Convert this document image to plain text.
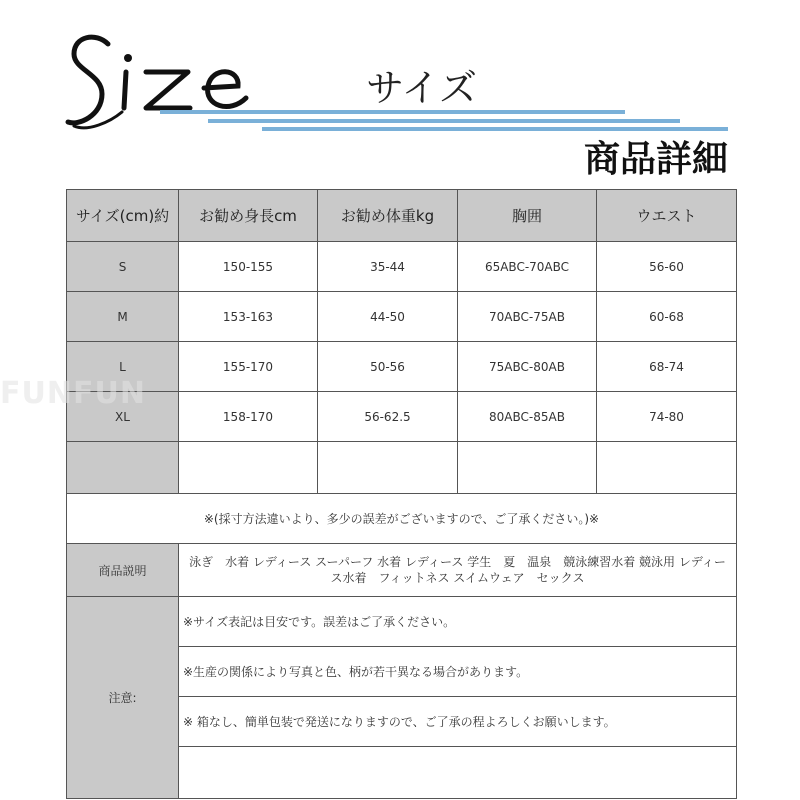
サイズ
商品詳細
サイズ(cm)約	お勧め身長cm	お勧め体重kg	胸囲	ウエスト
S	150-155	35-44	65ABC-70ABC	56-60
M	153-163	44-50	70ABC-75AB	60-68
L	155-170	50-56	75ABC-80AB	68-74
XL	158-170	56-62.5	80ABC-85AB	74-80

※(採寸方法違いより、多少の誤差がございますので、ご了承ください。)※				
商品説明	泳ぎ　水着 レディース スーパーフ 水着 レディース 学生　夏　温泉　競泳練習水着 競泳用 レディース水着　フィットネス スイムウェア　セックス			
注意:	※サイズ表記は目安です。誤差はご了承ください。			
	※生産の関係により写真と色、柄が若干異なる場合があります。			
	※ 箱なし、簡単包装で発送になりますので、ご了承の程よろしくお願いします。			

FUNFUN
